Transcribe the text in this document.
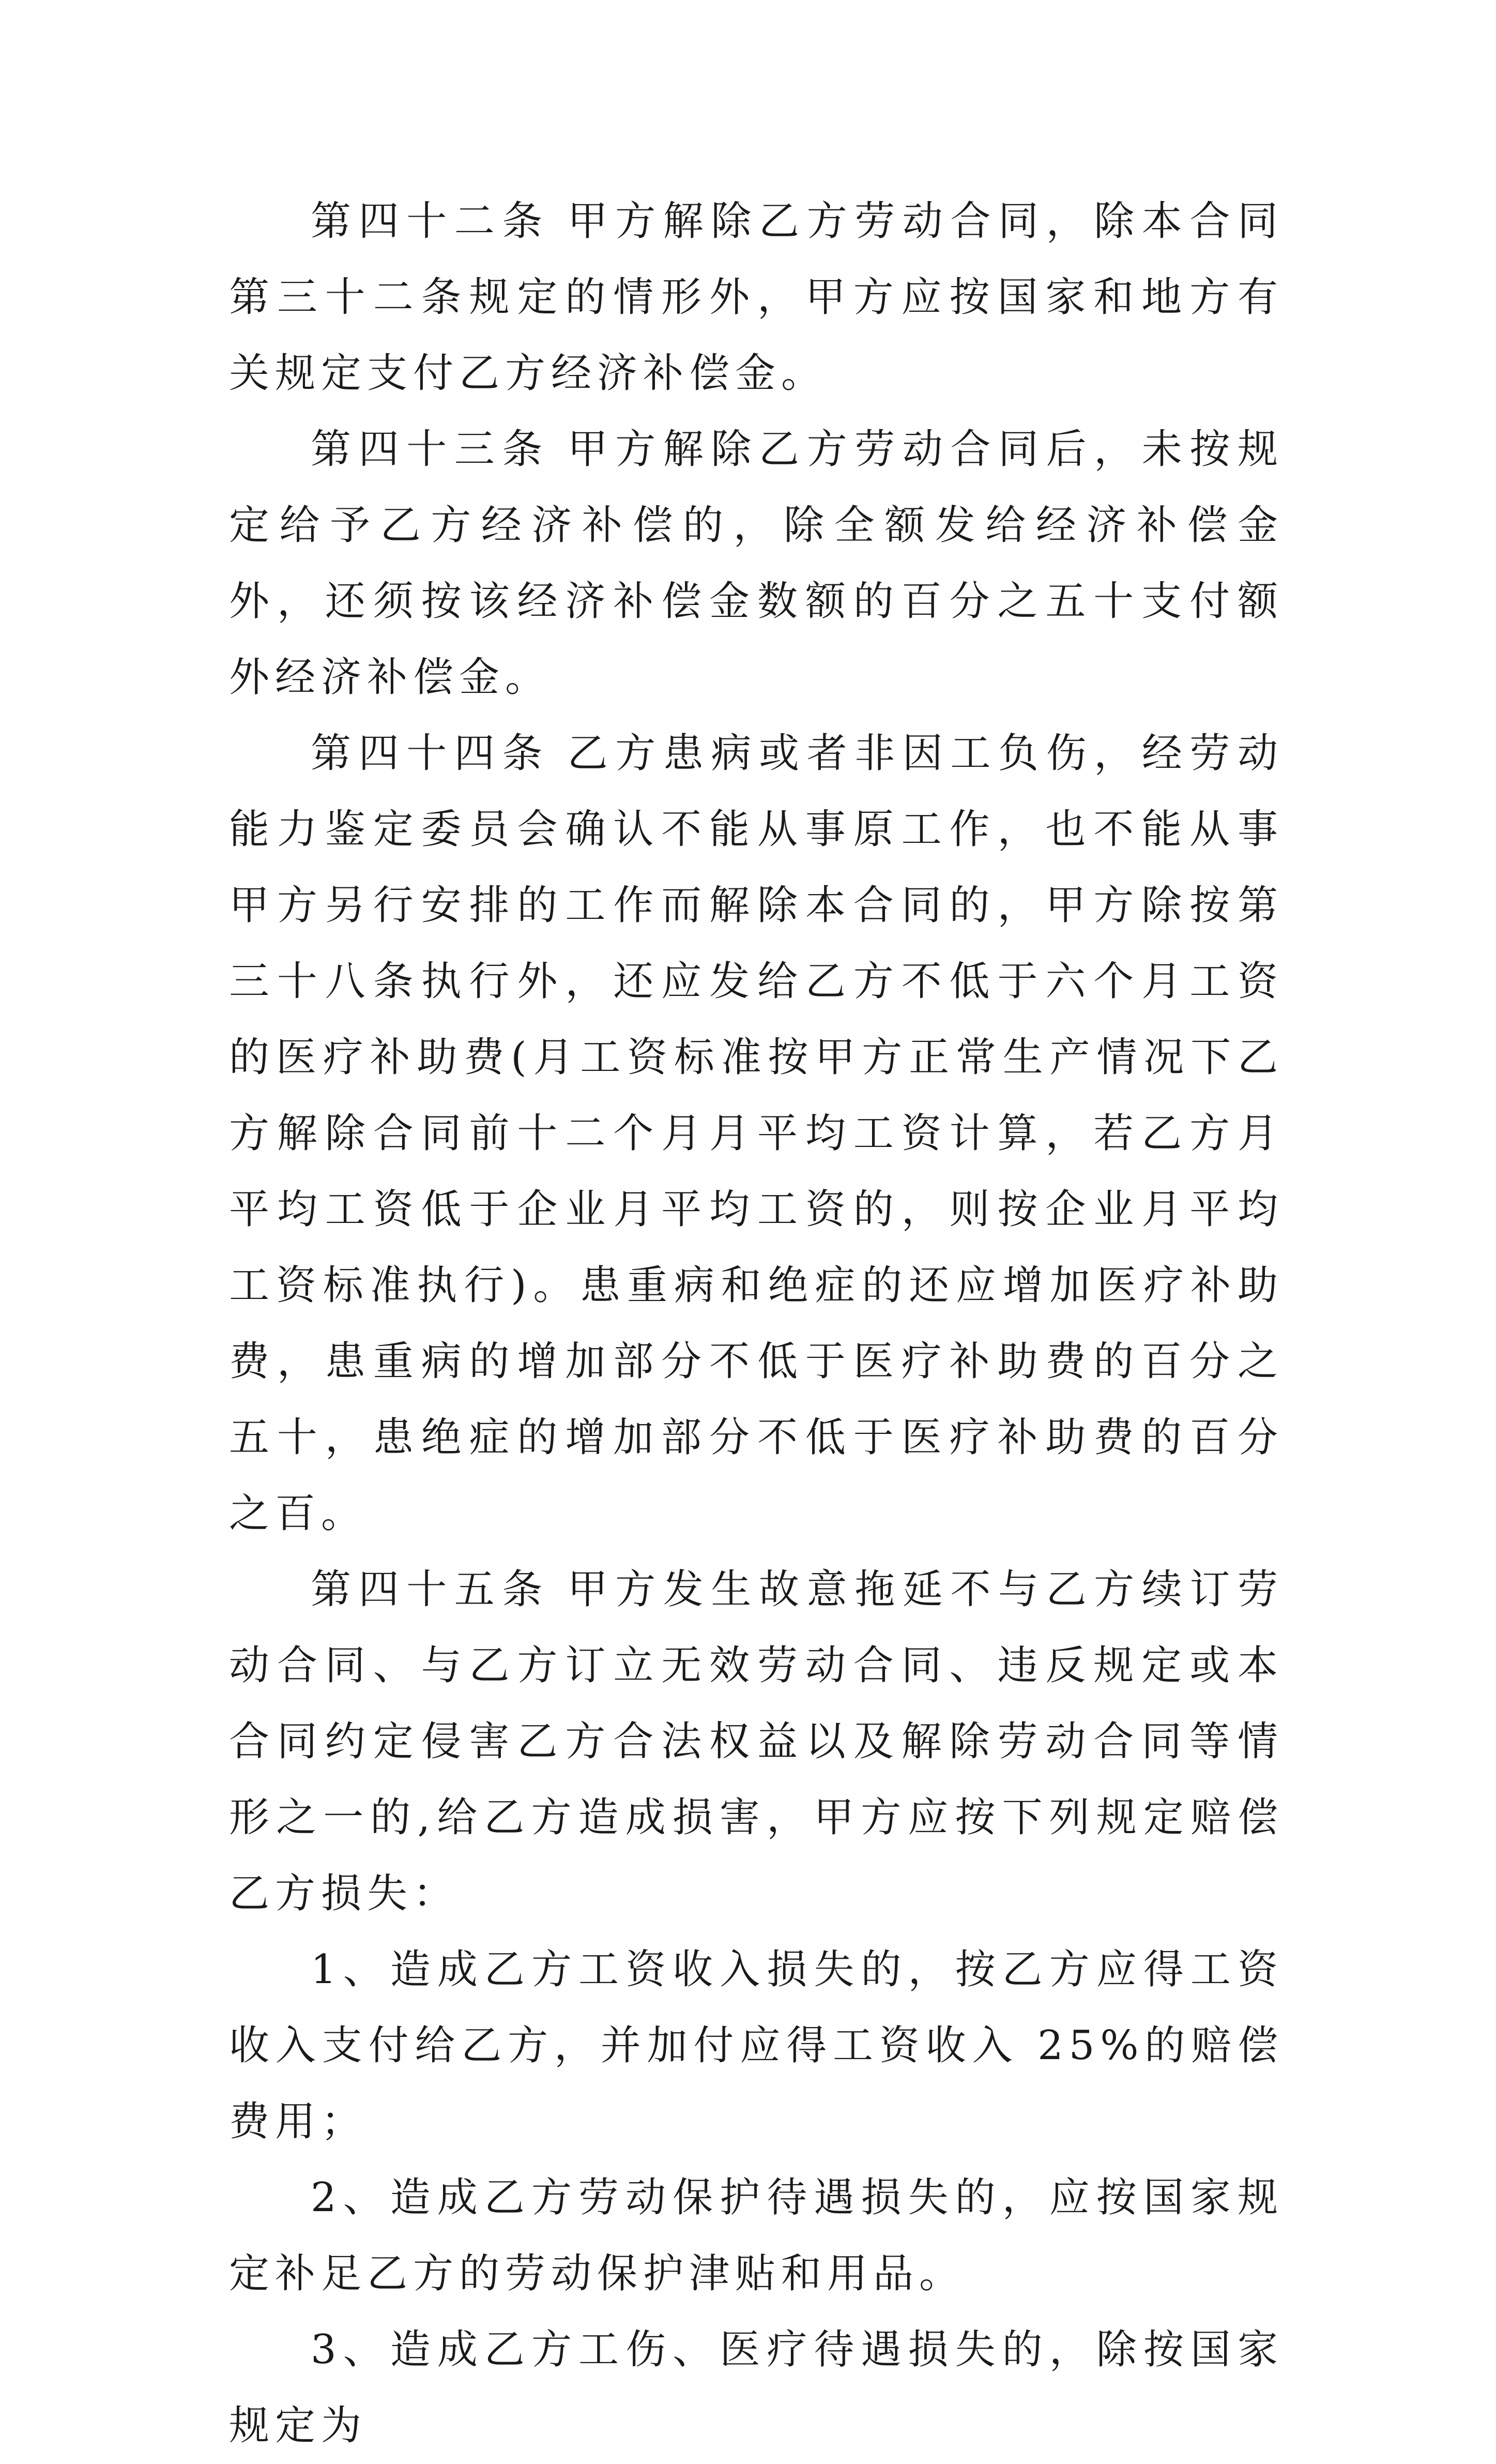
第四十二条 甲方解除乙方劳动合同，除本合同第三十二条规定的情形外，甲方应按国家和地方有关规定支付乙方经济补偿金。

第四十三条 甲方解除乙方劳动合同后，未按规定给予乙方经济补偿的，除全额发给经济补偿金外，还须按该经济补偿金数额的百分之五十支付额外经济补偿金。

第四十四条 乙方患病或者非因工负伤，经劳动能力鉴定委员会确认不能从事原工作，也不能从事甲方另行安排的工作而解除本合同的，甲方除按第三十八条执行外，还应发给乙方不低于六个月工资的医疗补助费(月工资标准按甲方正常生产情况下乙方解除合同前十二个月月平均工资计算，若乙方月平均工资低于企业月平均工资的，则按企业月平均工资标准执行)。患重病和绝症的还应增加医疗补助费，患重病的增加部分不低于医疗补助费的百分之五十，患绝症的增加部分不低于医疗补助费的百分之百。

第四十五条 甲方发生故意拖延不与乙方续订劳动合同、与乙方订立无效劳动合同、违反规定或本合同约定侵害乙方合法权益以及解除劳动合同等情形之一的,给乙方造成损害，甲方应按下列规定赔偿乙方损失：

1、造成乙方工资收入损失的，按乙方应得工资收入支付给乙方，并加付应得工资收入 25%的赔偿费用；

2、造成乙方劳动保护待遇损失的，应按国家规定补足乙方的劳动保护津贴和用品。

3、造成乙方工伤、医疗待遇损失的，除按国家规定为
